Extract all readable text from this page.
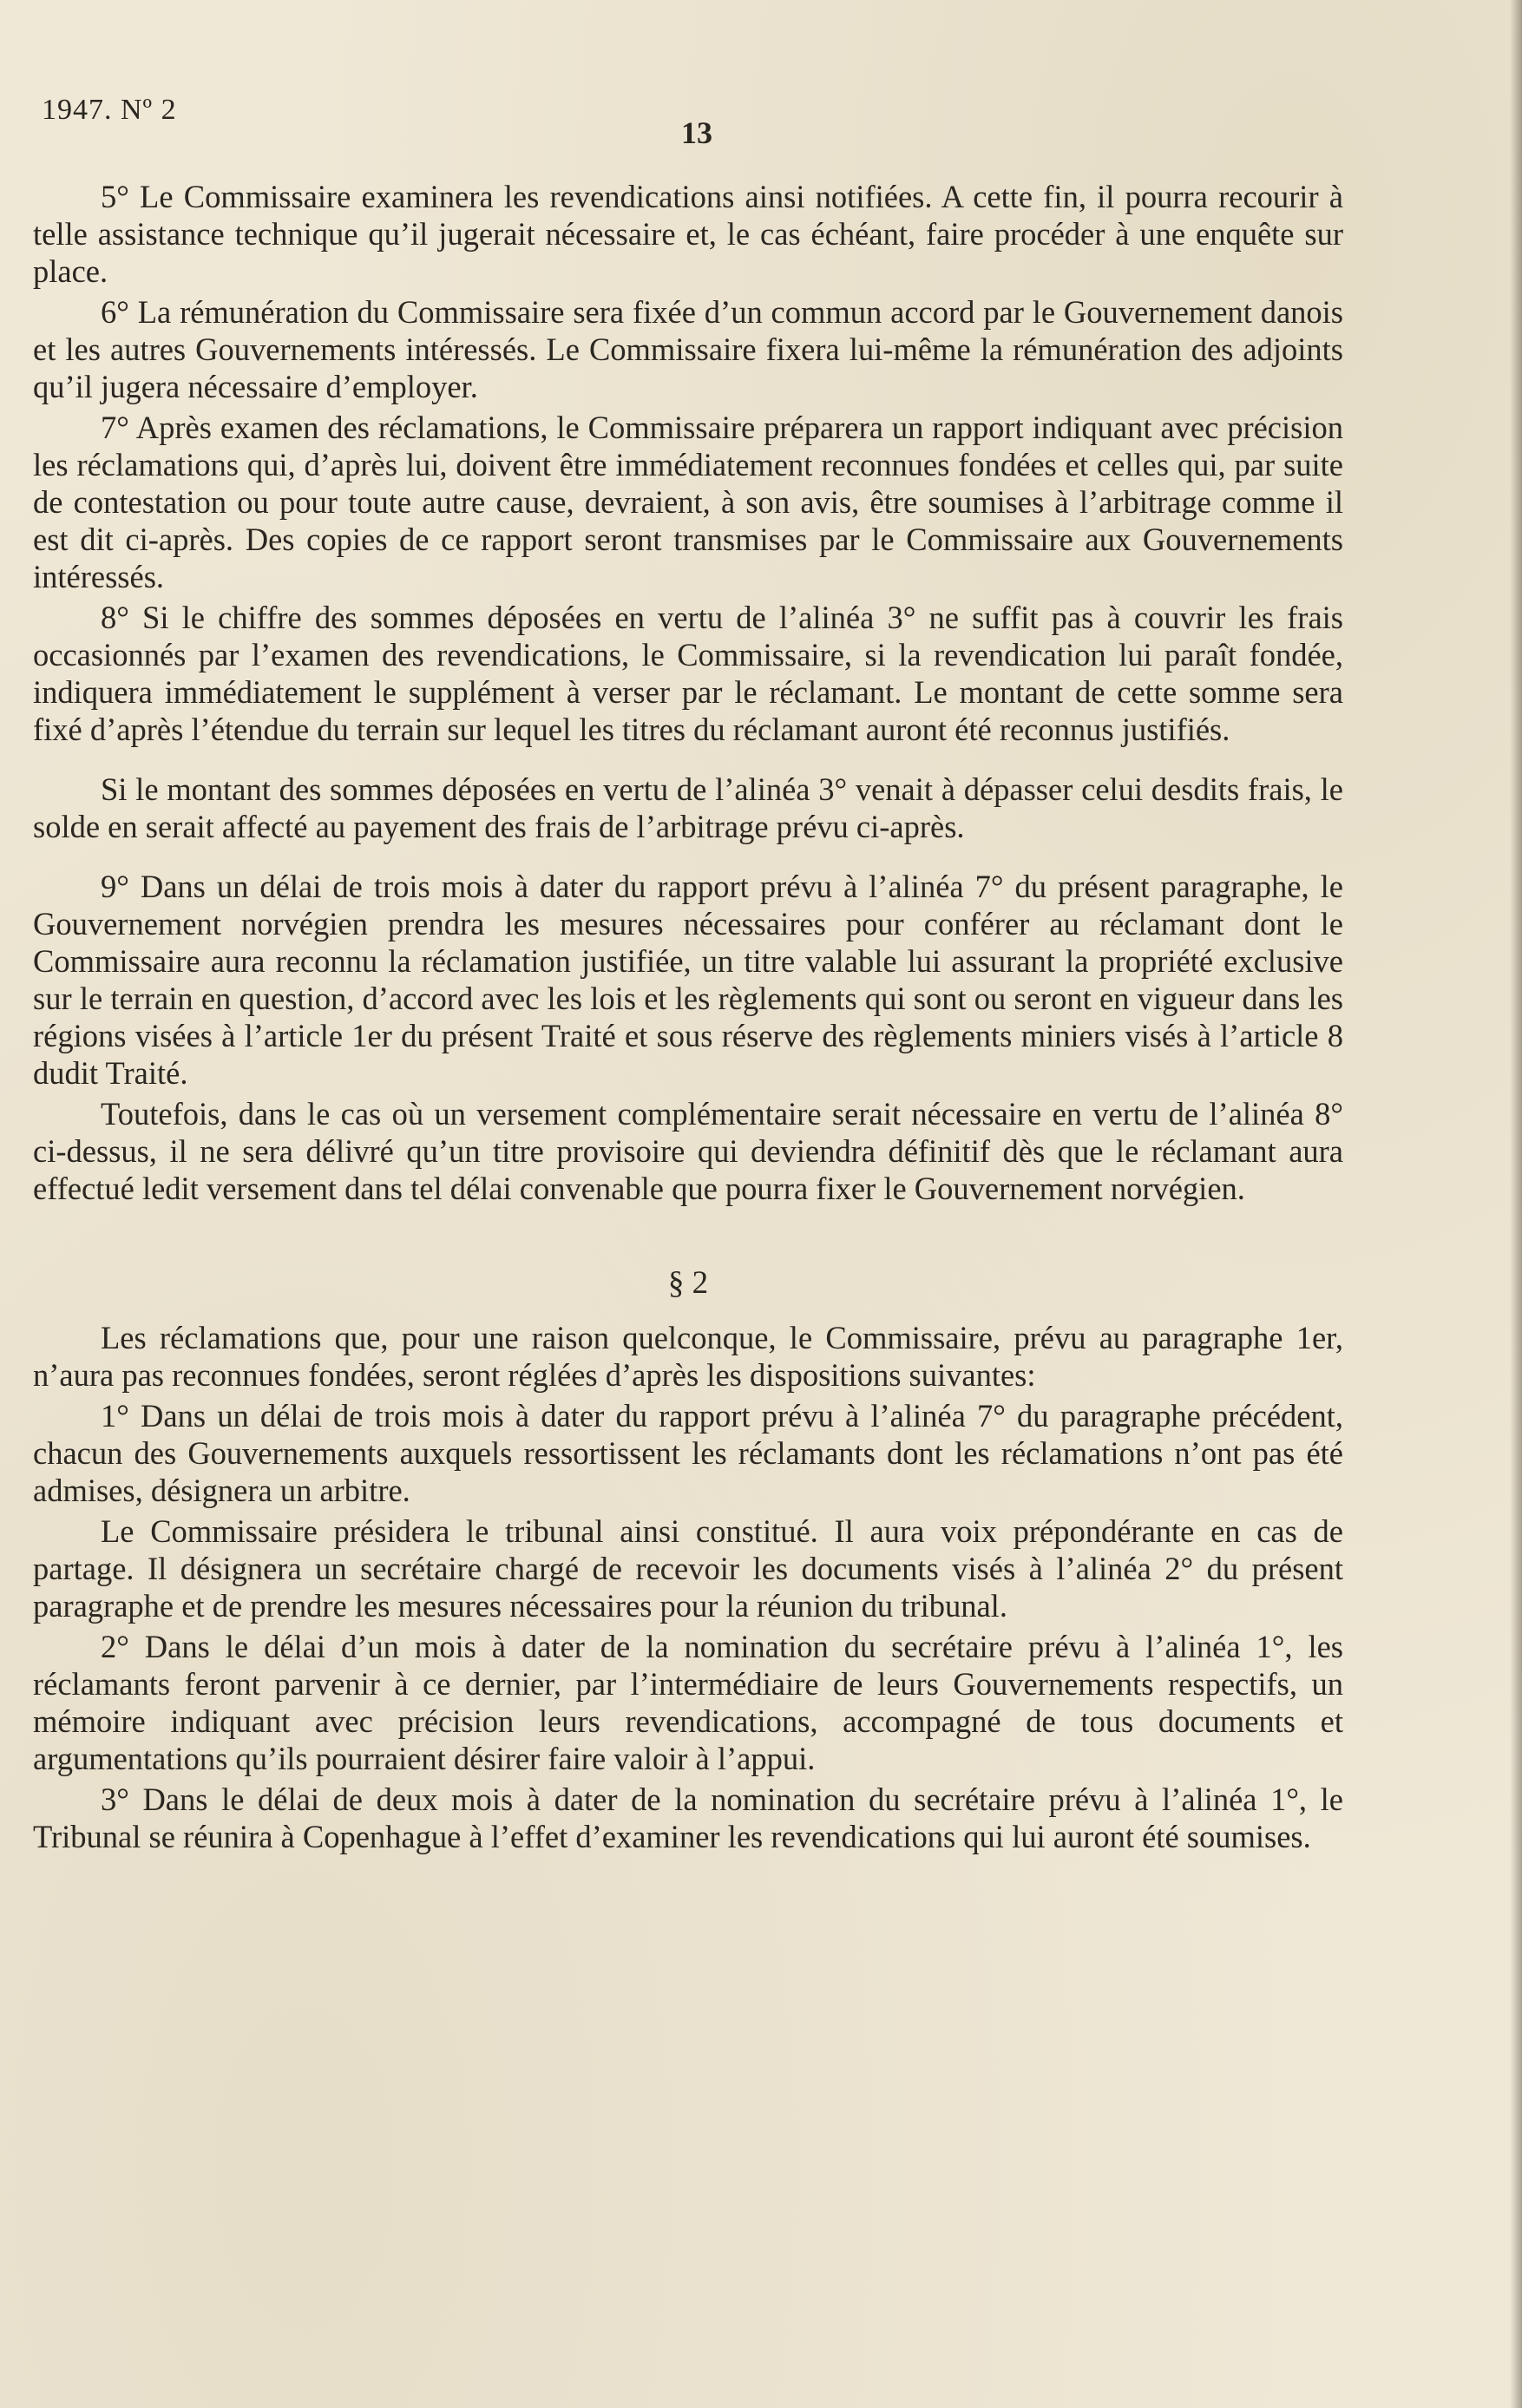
1947. Nº 2
13

5° Le Commissaire examinera les revendications ainsi notifiées. A cette fin, il pourra recourir à telle assistance technique qu’il jugerait nécessaire et, le cas échéant, faire procéder à une enquête sur place.

6° La rémunération du Commissaire sera fixée d’un commun accord par le Gouvernement danois et les autres Gouvernements intéressés. Le Commissaire fixera lui-même la rémunération des adjoints qu’il jugera nécessaire d’employer.

7° Après examen des réclamations, le Commissaire préparera un rapport indiquant avec précision les réclamations qui, d’après lui, doivent être immédiatement reconnues fondées et celles qui, par suite de contestation ou pour toute autre cause, devraient, à son avis, être soumises à l’arbitrage comme il est dit ci-après. Des copies de ce rapport seront transmises par le Commissaire aux Gouvernements intéressés.

8° Si le chiffre des sommes déposées en vertu de l’alinéa 3° ne suffit pas à couvrir les frais occasionnés par l’examen des revendications, le Commissaire, si la revendication lui paraît fondée, indiquera immédiatement le supplément à verser par le réclamant. Le montant de cette somme sera fixé d’après l’étendue du terrain sur lequel les titres du réclamant auront été reconnus justifiés.

Si le montant des sommes déposées en vertu de l’alinéa 3° venait à dépasser celui desdits frais, le solde en serait affecté au payement des frais de l’arbitrage prévu ci-après.

9° Dans un délai de trois mois à dater du rapport prévu à l’alinéa 7° du présent paragraphe, le Gouvernement norvégien prendra les mesures nécessaires pour conférer au réclamant dont le Commissaire aura reconnu la réclamation justifiée, un titre valable lui assurant la propriété exclusive sur le terrain en question, d’accord avec les lois et les règlements qui sont ou seront en vigueur dans les régions visées à l’article 1er du présent Traité et sous réserve des règlements miniers visés à l’article 8 dudit Traité.

Toutefois, dans le cas où un versement complémentaire serait nécessaire en vertu de l’alinéa 8° ci-dessus, il ne sera délivré qu’un titre provisoire qui deviendra définitif dès que le réclamant aura effectué ledit versement dans tel délai convenable que pourra fixer le Gouvernement norvégien.

§ 2

Les réclamations que, pour une raison quelconque, le Commissaire, prévu au paragraphe 1er, n’aura pas reconnues fondées, seront réglées d’après les dispositions suivantes:

1° Dans un délai de trois mois à dater du rapport prévu à l’alinéa 7° du paragraphe précédent, chacun des Gouvernements auxquels ressortissent les réclamants dont les réclamations n’ont pas été admises, désignera un arbitre.

Le Commissaire présidera le tribunal ainsi constitué. Il aura voix prépondérante en cas de partage. Il désignera un secrétaire chargé de recevoir les documents visés à l’alinéa 2° du présent paragraphe et de prendre les mesures nécessaires pour la réunion du tribunal.

2° Dans le délai d’un mois à dater de la nomination du secrétaire prévu à l’alinéa 1°, les réclamants feront parvenir à ce dernier, par l’intermédiaire de leurs Gouvernements respectifs, un mémoire indiquant avec précision leurs revendications, accompagné de tous documents et argumentations qu’ils pourraient désirer faire valoir à l’appui.

3° Dans le délai de deux mois à dater de la nomination du secrétaire prévu à l’alinéa 1°, le Tribunal se réunira à Copenhague à l’effet d’examiner les revendications qui lui auront été soumises.
